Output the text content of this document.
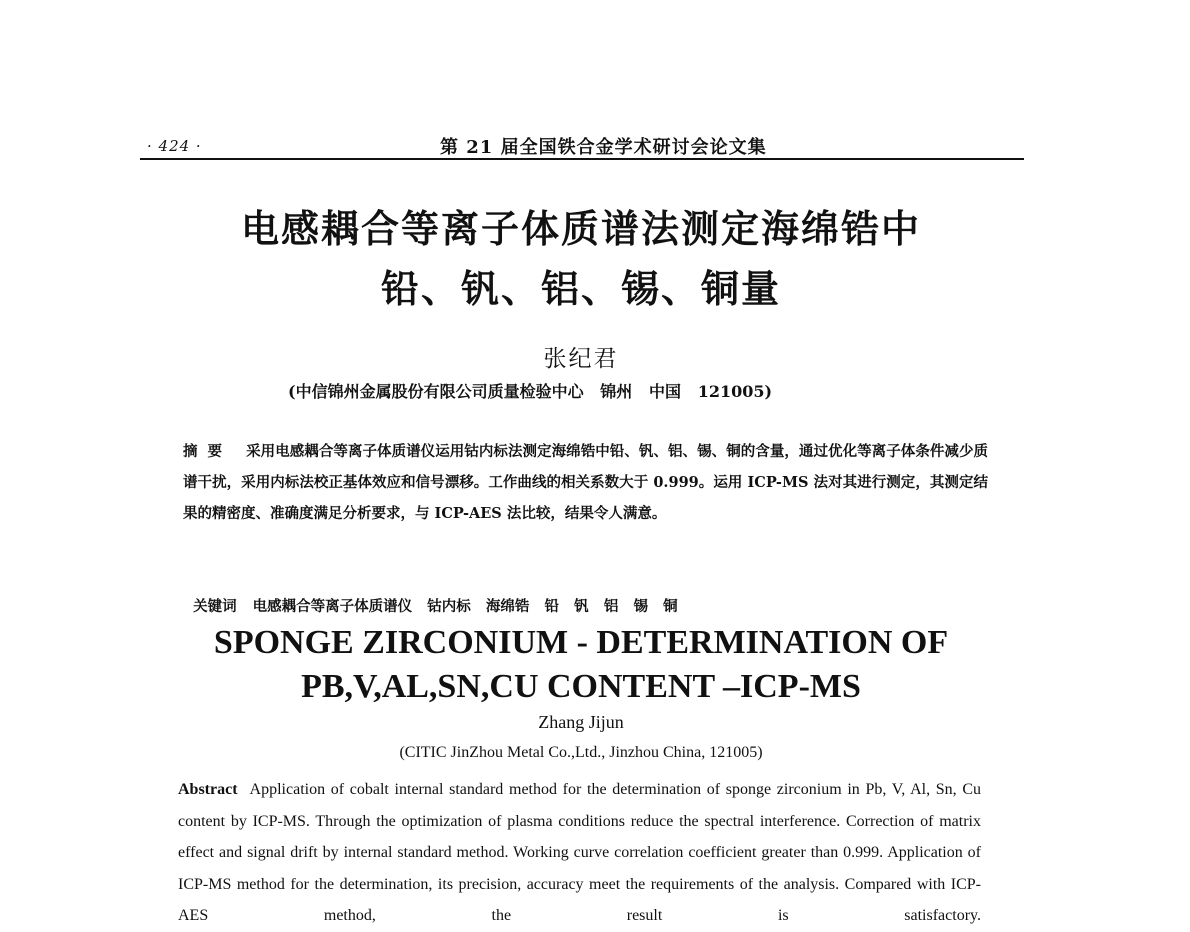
· 424 ·	第 21 届全国铁合金学术研讨会论文集
电感耦合等离子体质谱法测定海绵锆中
铅、钒、铝、锡、铜量
张纪君
(中信锦州金属股份有限公司质量检验中心   锦州   中国   121005)
摘要 采用电感耦合等离子体质谱仪运用钴内标法测定海绵锆中铅、钒、铝、锡、铜的含量，通过优化等离子体条件减少质谱干扰，采用内标法校正基体效应和信号漂移。工作曲线的相关系数大于 0.999。运用 ICP-MS 法对其进行测定，其测定结果的精密度、准确度满足分析要求，与 ICP-AES 法比较，结果令人满意。

关键词 电感耦合等离子体质谱仪   钴内标   海绵锆   铅   钒   铝   锡   铜

SPONGE ZIRCONIUM - DETERMINATION OF
PB,V,AL,SN,CU CONTENT –ICP-MS
Zhang Jijun
(CITIC JinZhou Metal Co.,Ltd., Jinzhou China, 121005)
Abstract Application of cobalt internal standard method for the determination of sponge zirconium in Pb, V, Al, Sn, Cu content by ICP-MS. Through the optimization of plasma conditions reduce the spectral interference. Correction of matrix effect and signal drift by internal standard method. Working curve correlation coefficient greater than 0.999. Application of ICP-MS method for the determination, its precision, accuracy meet the requirements of the analysis. Compared with ICP-AES method, the result is satisfactory.
